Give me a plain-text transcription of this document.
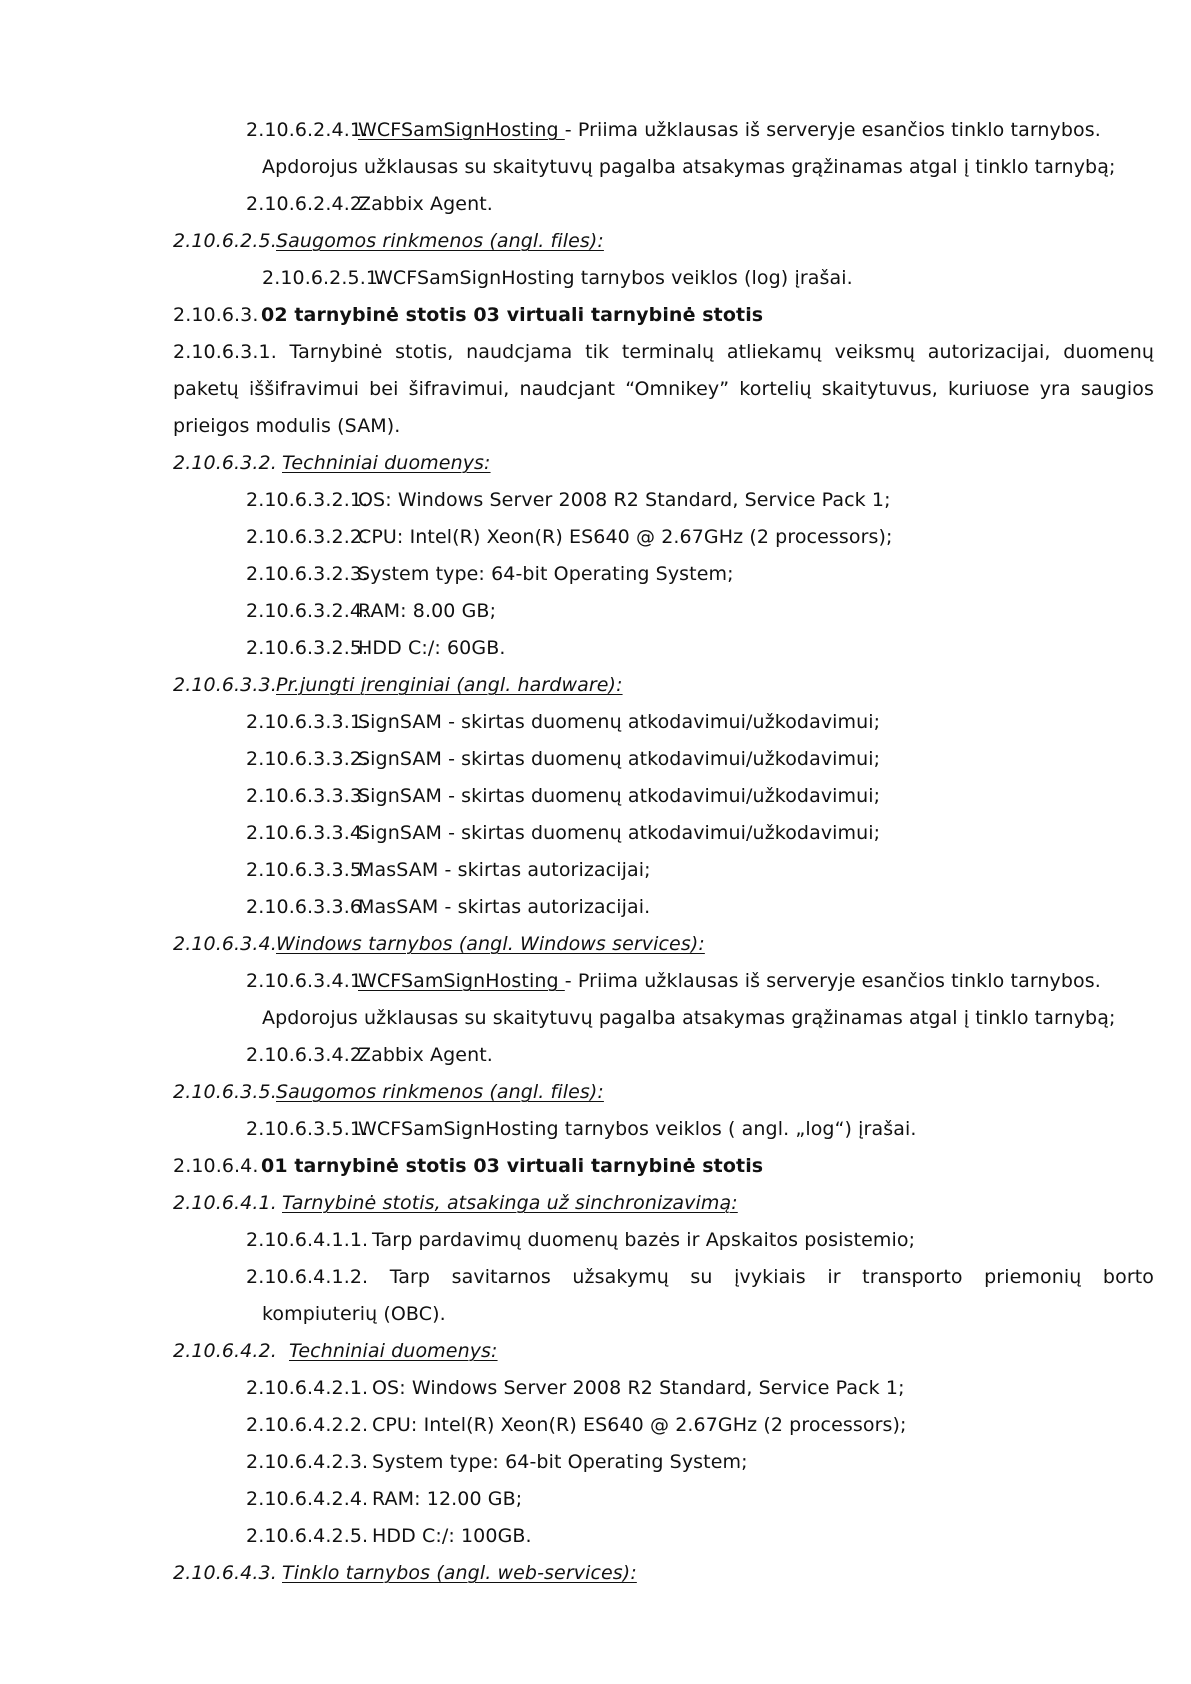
2.10.6.2.4.1.WCFSamSignHosting - Priima užklausas iš serveryje esančios tinklo tarnybos.
Apdorojus užklausas su skaitytuvų pagalba atsakymas grąžinamas atgal į tinklo tarnybą;
2.10.6.2.4.2.Zabbix Agent.
2.10.6.2.5.Saugomos rinkmenos (angl. files):
2.10.6.2.5.1.WCFSamSignHosting tarnybos veiklos (log) įrašai.
2.10.6.3. 02 tarnybinė stotis 03 virtuali tarnybinė stotis
2.10.6.3.1. Tarnybinė stotis, naudcjama tik terminalų atliekamų veiksmų autorizacijai, duomenų
paketų iššifravimui bei šifravimui, naudcjant “Omnikey” kortelių skaitytuvus, kuriuose yra saugios
prieigos modulis (SAM).
2.10.6.3.2. Techniniai duomenys:
2.10.6.3.2.1.OS: Windows Server 2008 R2 Standard, Service Pack 1;
2.10.6.3.2.2.CPU: Intel(R) Xeon(R) ES640 @ 2.67GHz (2 processors);
2.10.6.3.2.3.System type: 64-bit Operating System;
2.10.6.3.2.4.RAM: 8.00 GB;
2.10.6.3.2.5.HDD C:/: 60GB.
2.10.6.3.3.Pr.jungti įrenginiai (angl. hardware):
2.10.6.3.3.1.SignSAM - skirtas duomenų atkodavimui/užkodavimui;
2.10.6.3.3.2.SignSAM - skirtas duomenų atkodavimui/užkodavimui;
2.10.6.3.3.3.SignSAM - skirtas duomenų atkodavimui/užkodavimui;
2.10.6.3.3.4.SignSAM - skirtas duomenų atkodavimui/užkodavimui;
2.10.6.3.3.5.MasSAM - skirtas autorizacijai;
2.10.6.3.3.6.MasSAM - skirtas autorizacijai.
2.10.6.3.4.Windows tarnybos (angl. Windows services):
2.10.6.3.4.1.WCFSamSignHosting - Priima užklausas iš serveryje esančios tinklo tarnybos.
Apdorojus užklausas su skaitytuvų pagalba atsakymas grąžinamas atgal į tinklo tarnybą;
2.10.6.3.4.2.Zabbix Agent.
2.10.6.3.5.Saugomos rinkmenos (angl. files):
2.10.6.3.5.1.WCFSamSignHosting tarnybos veiklos ( angl. „log“) įrašai.
2.10.6.4. 01 tarnybinė stotis 03 virtuali tarnybinė stotis
2.10.6.4.1. Tarnybinė stotis, atsakinga už sinchronizavimą:
2.10.6.4.1.1. Tarp pardavimų duomenų bazės ir Apskaitos posistemio;
2.10.6.4.1.2. Tarp savitarnos užsakymų su įvykiais ir transporto priemonių borto
kompiuterių (OBC).
2.10.6.4.2. Techniniai duomenys:
2.10.6.4.2.1. OS: Windows Server 2008 R2 Standard, Service Pack 1;
2.10.6.4.2.2. CPU: Intel(R) Xeon(R) ES640 @ 2.67GHz (2 processors);
2.10.6.4.2.3. System type: 64-bit Operating System;
2.10.6.4.2.4. RAM: 12.00 GB;
2.10.6.4.2.5. HDD C:/: 100GB.
2.10.6.4.3. Tinklo tarnybos (angl. web-services):
